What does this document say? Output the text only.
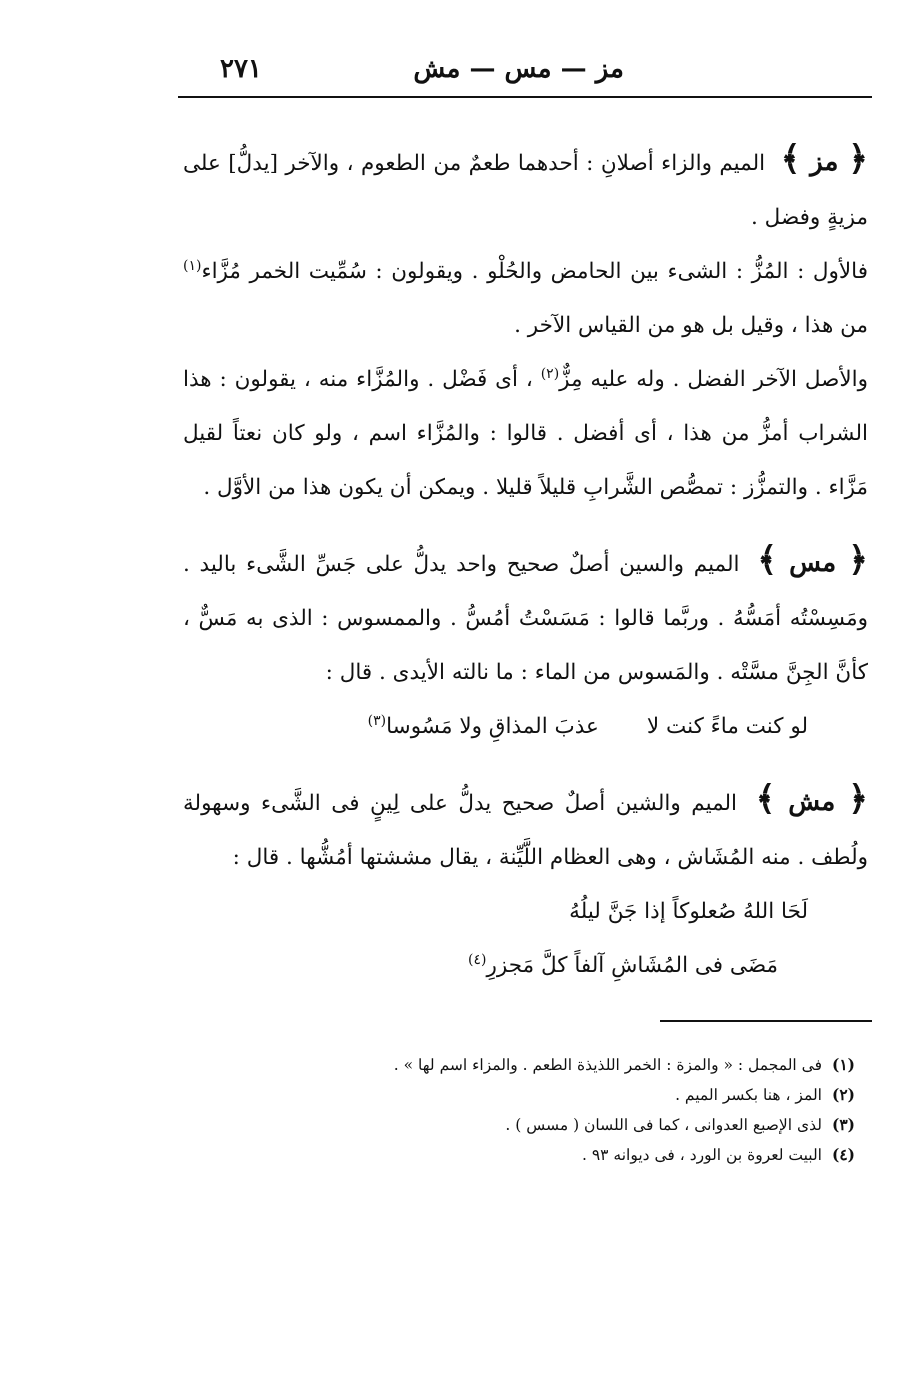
مز — مس — مش
٢٧١

﴿ مز ﴾ الميم والزاء أصلانِ : أحدهما طعمٌ من الطعوم ، والآخر [يدلُّ] على مزيةٍ وفضل .

فالأول : المُزُّ : الشىء بين الحامض والحُلْو . ويقولون : سُمِّيت الخمر مُزَّاء$^{(١)}$ من هذا ، وقيل بل هو من القياس الآخر .

والأصل الآخر الفضل . وله عليه مِزٌّ$^{(٢)}$ ، أى فَضْل . والمُزَّاء منه ، يقولون : هذا الشراب أمزُّ من هذا ، أى أفضل . قالوا : والمُزَّاء اسم ، ولو كان نعتاً لقيل مَزَّاء . والتمزُّز : تمصُّص الشَّرابِ قليلاً قليلا . ويمكن أن يكون هذا من الأوَّل .

﴿ مس ﴾ الميم والسين أصلٌ صحيح واحد يدلُّ على جَسِّ الشَّىء باليد . ومَسِسْتُه أمَسُّهُ . وربَّما قالوا : مَسَسْتُ أمُسُّ . والممسوس : الذى به مَسٌّ ، كأنَّ الجِنَّ مسَّتْه . والمَسوس من الماء : ما نالته الأيدى . قال :

لو كنت ماءً كنت لاعذبَ المذاقِ ولا مَسُوسا$^{(٣)}$

﴿ مش ﴾ الميم والشين أصلٌ صحيح يدلُّ على لِينٍ فى الشَّىء وسهولة ولُطف . منه المُشَاش ، وهى العظام اللَّيِّنة ، يقال مششتها أمُشُّها . قال :

لَحَا اللهُ صُعلوكاً إذا جَنَّ ليلُهُ

مَضَى فى المُشَاشِ آلفاً كلَّ مَجزرِ$^{(٤)}$

(١)فى المجمل : « والمزة : الخمر اللذيذة الطعم . والمزاء اسم لها » .

(٢)المز ، هنا بكسر الميم .

(٣)لذى الإصبع العدوانى ، كما فى اللسان ( مسس ) .

(٤)البيت لعروة بن الورد ، فى ديوانه ٩٣ .
